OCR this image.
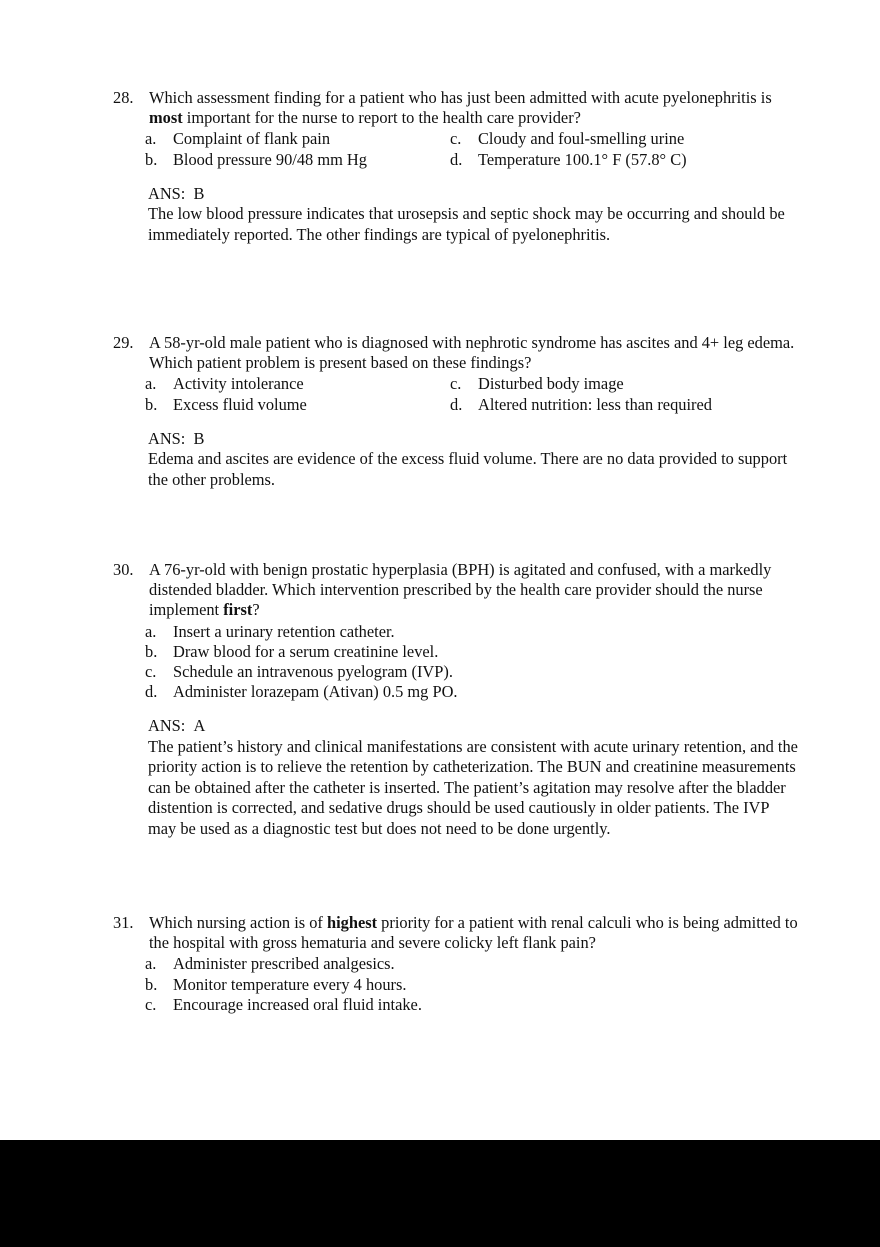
28. Which assessment finding for a patient who has just been admitted with acute pyelonephritis is most important for the nurse to report to the health care provider?
a.	Complaint of flank pain	c.	Cloudy and foul-smelling urine
b. Blood pressure 90/48 mm Hg	d. Temperature 100.1° F (57.8° C)
ANS: B
The low blood pressure indicates that urosepsis and septic shock may be occurring and should be immediately reported. The other findings are typical of pyelonephritis.
29. A 58-yr-old male patient who is diagnosed with nephrotic syndrome has ascites and 4+ leg edema. Which patient problem is present based on these findings?
a.	Activity intolerance	c.	Disturbed body image
b. Excess fluid volume	d. Altered nutrition: less than required
ANS: B
Edema and ascites are evidence of the excess fluid volume. There are no data provided to support the other problems.
30. A 76-yr-old with benign prostatic hyperplasia (BPH) is agitated and confused, with a markedly distended bladder. Which intervention prescribed by the health care provider should the nurse implement first?
a.	Insert a urinary retention catheter.
b. Draw blood for a serum creatinine level.
c.	Schedule an intravenous pyelogram (IVP).
d. Administer lorazepam (Ativan) 0.5 mg PO.
ANS: A
The patient’s history and clinical manifestations are consistent with acute urinary retention, and the priority action is to relieve the retention by catheterization. The BUN and creatinine measurements can be obtained after the catheter is inserted. The patient’s agitation may resolve after the bladder distention is corrected, and sedative drugs should be used cautiously in older patients. The IVP may be used as a diagnostic test but does not need to be done urgently.
31. Which nursing action is of highest priority for a patient with renal calculi who is being admitted to the hospital with gross hematuria and severe colicky left flank pain?
a.	Administer prescribed analgesics.
b. Monitor temperature every 4 hours.
c.	Encourage increased oral fluid intake.
